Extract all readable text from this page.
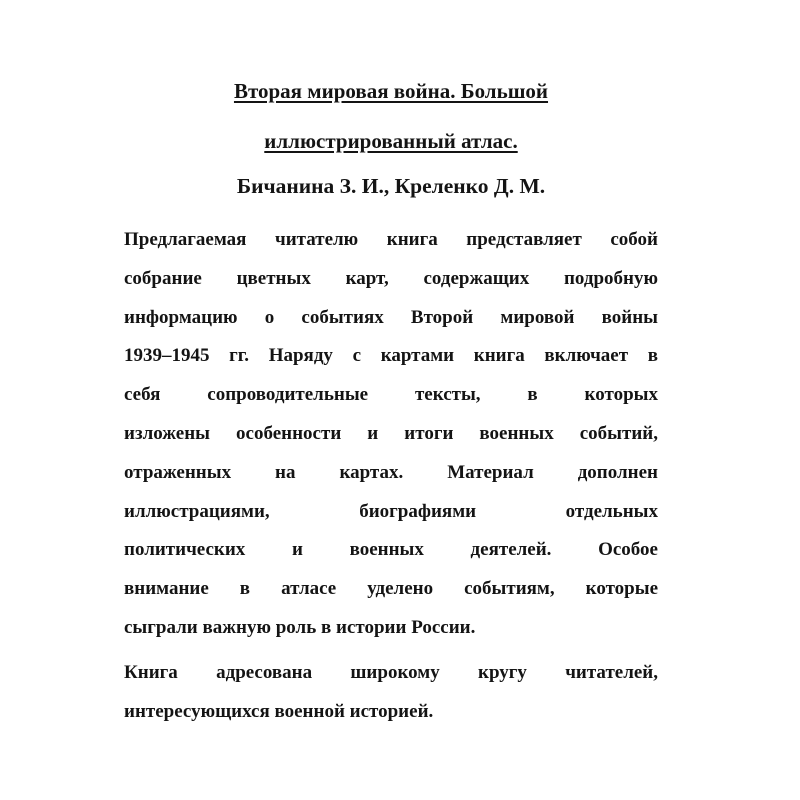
Вторая мировая война. Большой
иллюстрированный атлас.

Бичанина З. И., Креленко Д. М.

Предлагаемая читателю книга представляет собой
собрание цветных карт, содержащих подробную
информацию о событиях Второй мировой войны
1939–1945 гг. Наряду с картами книга включает в
себя сопроводительные тексты, в которых
изложены особенности и итоги военных событий,
отраженных на картах. Материал дополнен
иллюстрациями, биографиями отдельных
политических и военных деятелей. Особое
внимание в атласе уделено событиям, которые
сыграли важную роль в истории России.

Книга адресована широкому кругу читателей,
интересующихся военной историей.
